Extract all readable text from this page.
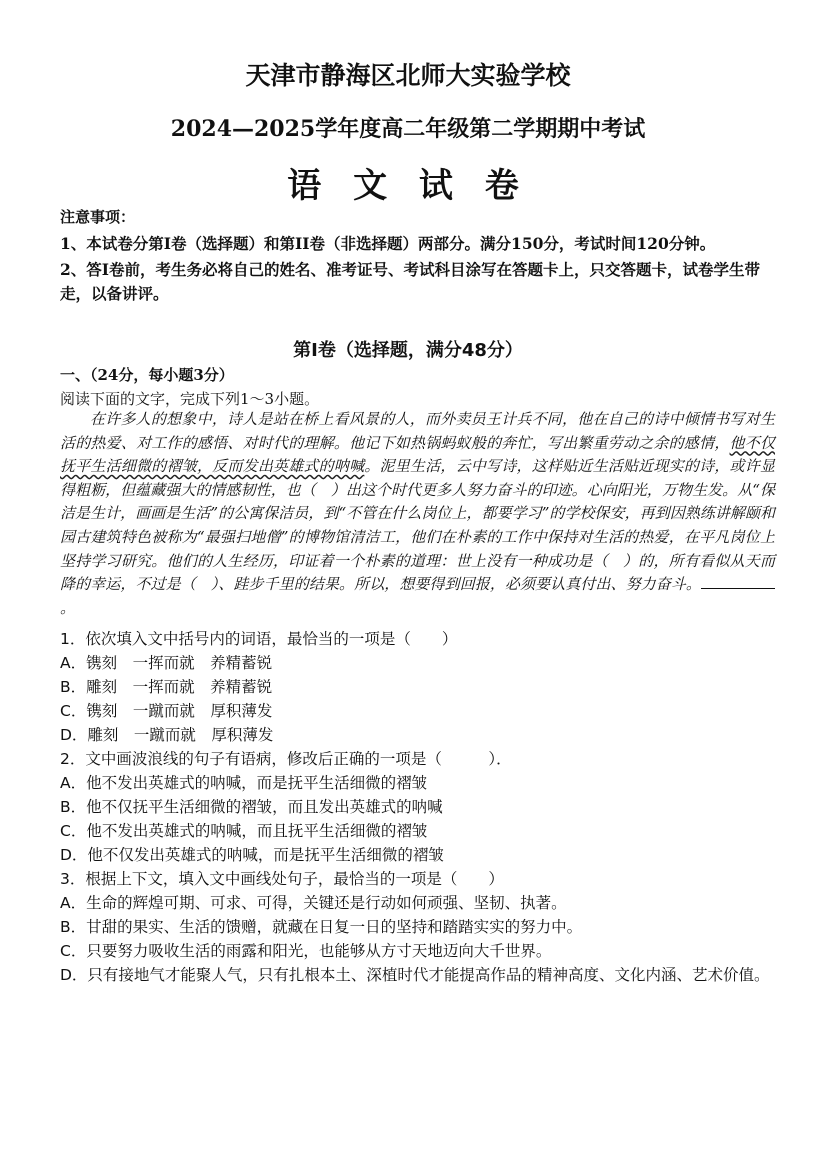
天津市静海区北师大实验学校
2024—2025学年度高二年级第二学期期中考试
语 文 试 卷
注意事项：
1、本试卷分第Ⅰ卷（选择题）和第II卷（非选择题）两部分。满分150分，考试时间120分钟。
2、答Ⅰ卷前，考生务必将自己的姓名、准考证号、考试科目涂写在答题卡上，只交答题卡，试卷学生带走，以备讲评。
第Ⅰ卷（选择题，满分48分）
一、（24分，每小题3分）
阅读下面的文字，完成下列1～3小题。

在许多人的想象中，诗人是站在桥上看风景的人，而外卖员王计兵不同，他在自己的诗中倾情书写对生活的热爱、对工作的感悟、对时代的理解。他记下如热锅蚂蚁般的奔忙，写出繁重劳动之余的感情，他不仅抚平生活细微的褶皱，反而发出英雄式的呐喊。泥里生活，云中写诗，这样贴近生活贴近现实的诗，或许显得粗粝，但蕴藏强大的情感韧性，也（　）出这个时代更多人努力奋斗的印迹。心向阳光，万物生发。从“保洁是生计，画画是生活”的公寓保洁员，到“不管在什么岗位上，都要学习”的学校保安，再到因熟练讲解颐和园古建筑特色被称为“最强扫地僧”的博物馆清洁工，他们在朴素的工作中保持对生活的热爱，在平凡岗位上坚持学习研究。他们的人生经历，印证着一个朴素的道理：世上没有一种成功是（　）的，所有看似从天而降的幸运，不过是（　）、跬步千里的结果。所以，想要得到回报，必须要认真付出、努力奋斗。。

1．依次填入文中括号内的词语，最恰当的一项是（　　）
A．镌刻　一挥而就　养精蓄锐
B．雕刻　一挥而就　养精蓄锐
C．镌刻　一蹴而就　厚积薄发
D．雕刻　一蹴而就　厚积薄发
2．文中画波浪线的句子有语病，修改后正确的一项是（　　　）．
A．他不发出英雄式的呐喊，而是抚平生活细微的褶皱
B．他不仅抚平生活细微的褶皱，而且发出英雄式的呐喊
C．他不发出英雄式的呐喊，而且抚平生活细微的褶皱
D．他不仅发出英雄式的呐喊，而是抚平生活细微的褶皱
3．根据上下文，填入文中画线处句子，最恰当的一项是（　　）
A．生命的辉煌可期、可求、可得，关键还是行动如何顽强、坚韧、执著。
B．甘甜的果实、生活的馈赠，就藏在日复一日的坚持和踏踏实实的努力中。
C．只要努力吸收生活的雨露和阳光，也能够从方寸天地迈向大千世界。
D．只有接地气才能聚人气，只有扎根本土、深植时代才能提高作品的精神高度、文化内涵、艺术价值。
